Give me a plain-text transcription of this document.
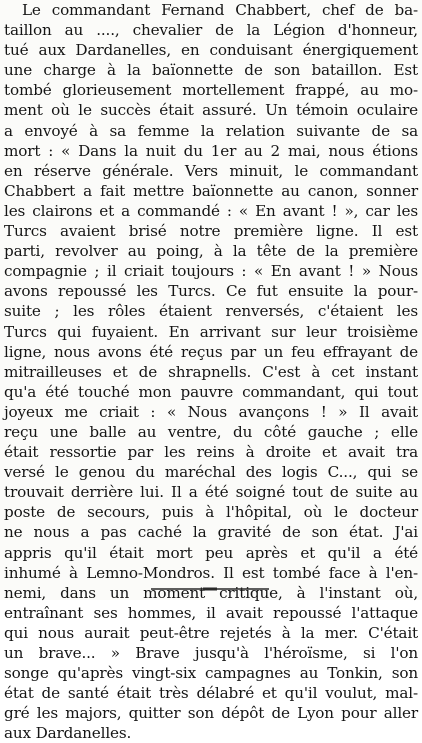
Le commandant Fernand Chabbert, chef de ba-
taillon au ...., chevalier de la Légion d'honneur,
tué aux Dardanelles, en conduisant énergiquement
une charge à la baïonnette de son bataillon. Est
tombé glorieusement mortellement frappé, au mo-
ment où le succès était assuré. Un témoin oculaire
a envoyé à sa femme la relation suivante de sa
mort : « Dans la nuit du 1er au 2 mai, nous étions
en réserve générale. Vers minuit, le commandant
Chabbert a fait mettre baïonnette au canon, sonner
les clairons et a commandé : « En avant ! », car les
Turcs avaient brisé notre première ligne. Il est
parti, revolver au poing, à la tête de la première
compagnie ; il criait toujours : « En avant ! » Nous
avons repoussé les Turcs. Ce fut ensuite la pour-
suite ; les rôles étaient renversés, c'étaient les
Turcs qui fuyaient. En arrivant sur leur troisième
ligne, nous avons été reçus par un feu effrayant de
mitrailleuses et de shrapnells. C'est à cet instant
qu'a été touché mon pauvre commandant, qui tout
joyeux me criait : « Nous avançons ! » Il avait
reçu une balle au ventre, du côté gauche ; elle
était ressortie par les reins à droite et avait tra
versé le genou du maréchal des logis C..., qui se
trouvait derrière lui. Il a été soigné tout de suite au
poste de secours, puis à l'hôpital, où le docteur
ne nous a pas caché la gravité de son état. J'ai
appris qu'il était mort peu après et qu'il a été
inhumé à Lemno-Mondros. Il est tombé face à l'en-
nemi, dans un moment critique, à l'instant où,
entraînant ses hommes, il avait repoussé l'attaque
qui nous aurait peut-être rejetés à la mer. C'était
un brave... » Brave jusqu'à l'héroïsme, si l'on
songe qu'après vingt-six campagnes au Tonkin, son
état de santé était très délabré et qu'il voulut, mal-
gré les majors, quitter son dépôt de Lyon pour aller
aux Dardanelles.
